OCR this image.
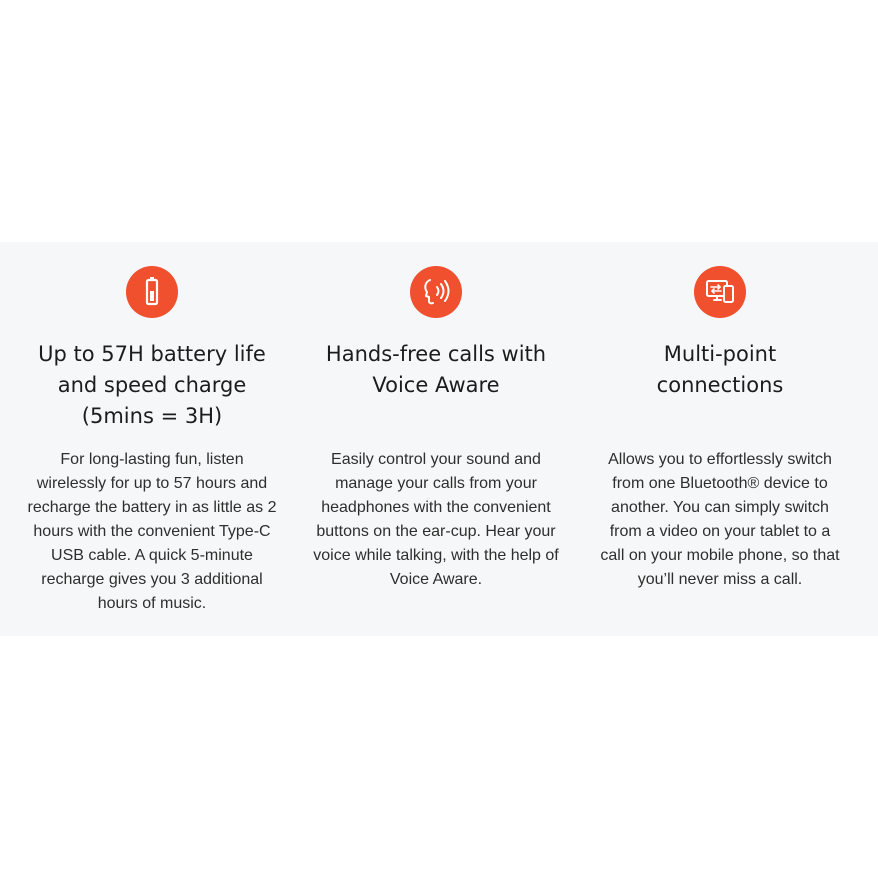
Up to 57H battery life
and speed charge
(5mins = 3H)

For long-lasting fun, listen
wirelessly for up to 57 hours and
recharge the battery in as little as 2
hours with the convenient Type-C
USB cable. A quick 5-minute
recharge gives you 3 additional
hours of music.

Hands-free calls with
Voice Aware

Easily control your sound and
manage your calls from your
headphones with the convenient
buttons on the ear-cup. Hear your
voice while talking, with the help of
Voice Aware.

Multi-point
connections

Allows you to effortlessly switch
from one Bluetooth® device to
another. You can simply switch
from a video on your tablet to a
call on your mobile phone, so that
you’ll never miss a call.
